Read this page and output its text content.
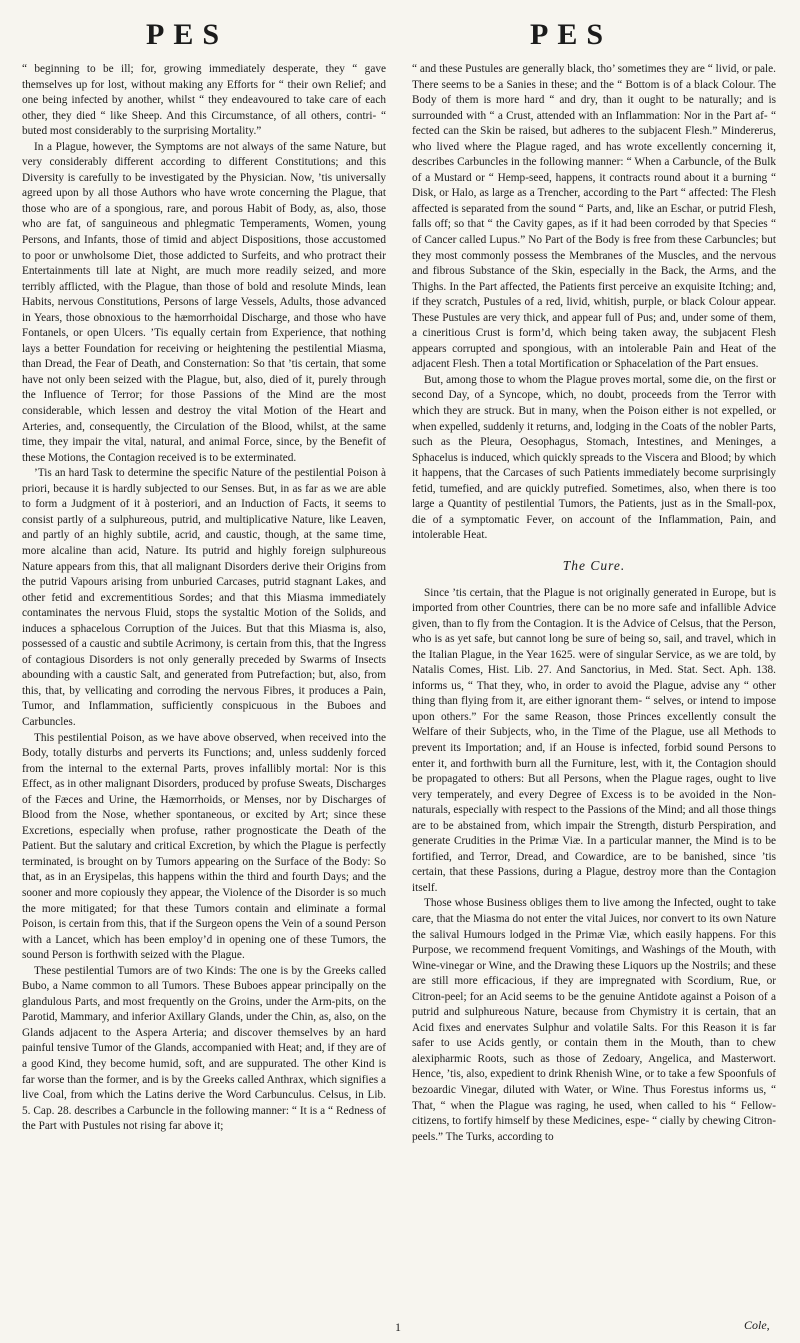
PES	PES

“ beginning to be ill; for, growing immediately desperate, they “ gave themselves up for lost, without making any Efforts for “ their own Relief; and one being infected by another, whilst “ they endeavoured to take care of each other, they died “ like Sheep. And this Circumstance, of all others, contri- “ buted most considerably to the surprising Mortality.”

In a Plague, however, the Symptoms are not always of the same Nature, but very considerably different according to different Constitutions; and this Diversity is carefully to be investigated by the Physician. Now, ’tis universally agreed upon by all those Authors who have wrote concerning the Plague, that those who are of a spongious, rare, and porous Habit of Body, as, also, those who are fat, of sanguineous and phlegmatic Temperaments, Women, young Persons, and Infants, those of timid and abject Dispositions, those accustomed to poor or unwholsome Diet, those addicted to Surfeits, and who protract their Entertainments till late at Night, are much more readily seized, and more terribly afflicted, with the Plague, than those of bold and resolute Minds, lean Habits, nervous Constitutions, Persons of large Vessels, Adults, those advanced in Years, those obnoxious to the hæmorrhoidal Discharge, and those who have Fontanels, or open Ulcers. ’Tis equally certain from Experience, that nothing lays a better Foundation for receiving or heightening the pestilential Miasma, than Dread, the Fear of Death, and Consternation: So that ’tis certain, that some have not only been seized with the Plague, but, also, died of it, purely through the Influence of Terror; for those Passions of the Mind are the most considerable, which lessen and destroy the vital Motion of the Heart and Arteries, and, consequently, the Circulation of the Blood, whilst, at the same time, they impair the vital, natural, and animal Force, since, by the Benefit of these Motions, the Contagion received is to be exterminated.

’Tis an hard Task to determine the specific Nature of the pestilential Poison à priori, because it is hardly subjected to our Senses. But, in as far as we are able to form a Judgment of it à posteriori, and an Induction of Facts, it seems to consist partly of a sulphureous, putrid, and multiplicative Nature, like Leaven, and partly of an highly subtile, acrid, and caustic, though, at the same time, more alcaline than acid, Nature. Its putrid and highly foreign sulphureous Nature appears from this, that all malignant Disorders derive their Origins from the putrid Vapours arising from unburied Carcases, putrid stagnant Lakes, and other fetid and excrementitious Sordes; and that this Miasma immediately contaminates the nervous Fluid, stops the systaltic Motion of the Solids, and induces a sphacelous Corruption of the Juices. But that this Miasma is, also, possessed of a caustic and subtile Acrimony, is certain from this, that the Ingress of contagious Disorders is not only generally preceded by Swarms of Insects abounding with a caustic Salt, and generated from Putrefaction; but, also, from this, that, by vellicating and corroding the nervous Fibres, it produces a Pain, Tumor, and Inflammation, sufficiently conspicuous in the Buboes and Carbuncles.

This pestilential Poison, as we have above observed, when received into the Body, totally disturbs and perverts its Functions; and, unless suddenly forced from the internal to the external Parts, proves infallibly mortal: Nor is this Effect, as in other malignant Disorders, produced by profuse Sweats, Discharges of the Fæces and Urine, the Hæmorrhoids, or Menses, nor by Discharges of Blood from the Nose, whether spontaneous, or excited by Art; since these Excretions, especially when profuse, rather prognosticate the Death of the Patient. But the salutary and critical Excretion, by which the Plague is perfectly terminated, is brought on by Tumors appearing on the Surface of the Body: So that, as in an Erysipelas, this happens within the third and fourth Days; and the sooner and more copiously they appear, the Violence of the Disorder is so much the more mitigated; for that these Tumors contain and eliminate a formal Poison, is certain from this, that if the Surgeon opens the Vein of a sound Person with a Lancet, which has been employ’d in opening one of these Tumors, the sound Person is forthwith seized with the Plague.

These pestilential Tumors are of two Kinds: The one is by the Greeks called Bubo, a Name common to all Tumors. These Buboes appear principally on the glandulous Parts, and most frequently on the Groins, under the Arm-pits, on the Parotid, Mammary, and inferior Axillary Glands, under the Chin, as, also, on the Glands adjacent to the Aspera Arteria; and discover themselves by an hard painful tensive Tumor of the Glands, accompanied with Heat; and, if they are of a good Kind, they become humid, soft, and are suppurated. The other Kind is far worse than the former, and is by the Greeks called Anthrax, which signifies a live Coal, from which the Latins derive the Word Carbunculus. Celsus, in Lib. 5. Cap. 28. describes a Carbuncle in the following manner: “ It is a “ Redness of the Part with Pustules not rising far above it;

“ and these Pustules are generally black, tho’ sometimes they are “ livid, or pale. There seems to be a Sanies in these; and the “ Bottom is of a black Colour. The Body of them is more hard “ and dry, than it ought to be naturally; and is surrounded with “ a Crust, attended with an Inflammation: Nor in the Part af- “ fected can the Skin be raised, but adheres to the subjacent Flesh.” Mindererus, who lived where the Plague raged, and has wrote excellently concerning it, describes Carbuncles in the following manner: “ When a Carbuncle, of the Bulk of a Mustard or “ Hemp-seed, happens, it contracts round about it a burning “ Disk, or Halo, as large as a Trencher, according to the Part “ affected: The Flesh affected is separated from the sound “ Parts, and, like an Eschar, or putrid Flesh, falls off; so that “ the Cavity gapes, as if it had been corroded by that Species “ of Cancer called Lupus.” No Part of the Body is free from these Carbuncles; but they most commonly possess the Membranes of the Muscles, and the nervous and fibrous Substance of the Skin, especially in the Back, the Arms, and the Thighs. In the Part affected, the Patients first perceive an exquisite Itching; and, if they scratch, Pustules of a red, livid, whitish, purple, or black Colour appear. These Pustules are very thick, and appear full of Pus; and, under some of them, a cineritious Crust is form’d, which being taken away, the subjacent Flesh appears corrupted and spongious, with an intolerable Pain and Heat of the adjacent Flesh. Then a total Mortification or Sphacelation of the Part ensues.

But, among those to whom the Plague proves mortal, some die, on the first or second Day, of a Syncope, which, no doubt, proceeds from the Terror with which they are struck. But in many, when the Poison either is not expelled, or when expelled, suddenly it returns, and, lodging in the Coats of the nobler Parts, such as the Pleura, Oesophagus, Stomach, Intestines, and Meninges, a Sphacelus is induced, which quickly spreads to the Viscera and Blood; by which it happens, that the Carcases of such Patients immediately become surprisingly fetid, tumefied, and are quickly putrefied. Sometimes, also, when there is too large a Quantity of pestilential Tumors, the Patients, just as in the Small-pox, die of a symptomatic Fever, on account of the Inflammation, Pain, and intolerable Heat.

The Cure.

Since ’tis certain, that the Plague is not originally generated in Europe, but is imported from other Countries, there can be no more safe and infallible Advice given, than to fly from the Contagion. It is the Advice of Celsus, that the Person, who is as yet safe, but cannot long be sure of being so, sail, and travel, which in the Italian Plague, in the Year 1625. were of singular Service, as we are told, by Natalis Comes, Hist. Lib. 27. And Sanctorius, in Med. Stat. Sect. Aph. 138. informs us, “ That they, who, in order to avoid the Plague, advise any “ other thing than flying from it, are either ignorant them- “ selves, or intend to impose upon others.” For the same Reason, those Princes excellently consult the Welfare of their Subjects, who, in the Time of the Plague, use all Methods to prevent its Importation; and, if an House is infected, forbid sound Persons to enter it, and forthwith burn all the Furniture, lest, with it, the Contagion should be propagated to others: But all Persons, when the Plague rages, ought to live very temperately, and every Degree of Excess is to be avoided in the Non-naturals, especially with respect to the Passions of the Mind; and all those things are to be abstained from, which impair the Strength, disturb Perspiration, and generate Crudities in the Primæ Viæ. In a particular manner, the Mind is to be fortified, and Terror, Dread, and Cowardice, are to be banished, since ’tis certain, that these Passions, during a Plague, destroy more than the Contagion itself.

Those whose Business obliges them to live among the Infected, ought to take care, that the Miasma do not enter the vital Juices, nor convert to its own Nature the salival Humours lodged in the Primæ Viæ, which easily happens. For this Purpose, we recommend frequent Vomitings, and Washings of the Mouth, with Wine-vinegar or Wine, and the Drawing these Liquors up the Nostrils; and these are still more efficacious, if they are impregnated with Scordium, Rue, or Citron-peel; for an Acid seems to be the genuine Antidote against a Poison of a putrid and sulphureous Nature, because from Chymistry it is certain, that an Acid fixes and enervates Sulphur and volatile Salts. For this Reason it is far safer to use Acids gently, or contain them in the Mouth, than to chew alexipharmic Roots, such as those of Zedoary, Angelica, and Masterwort. Hence, ’tis, also, expedient to drink Rhenish Wine, or to take a few Spoonfuls of bezoardic Vinegar, diluted with Water, or Wine. Thus Forestus informs us, “ That, “ when the Plague was raging, he used, when called to his “ Fellow-citizens, to fortify himself by these Medicines, espe- “ cially by chewing Citron-peels.” The Turks, according to

1	Cole,
